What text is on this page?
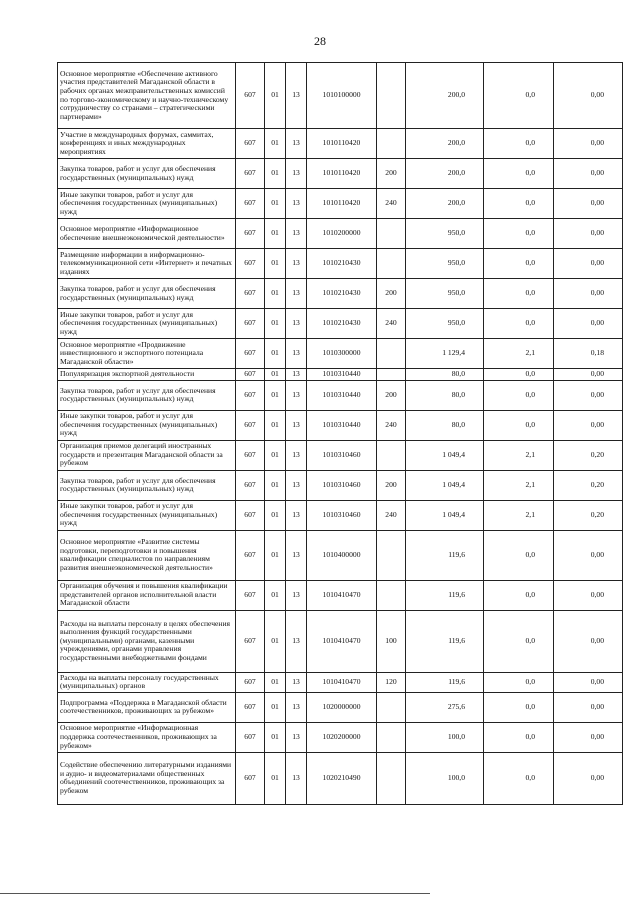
28
Основное мероприятие «Обеспечение активного участия представителей Магаданской области в рабочих органах межправительственных комиссий по торгово-экономическому и научно-техническому сотрудничеству со странами – стратегическими партнерами»	607	01	13	1010100000		200,0	0,0	0,00
Участие в международных форумах, саммитах, конференциях и иных международных мероприятиях	607	01	13	1010110420		200,0	0,0	0,00
Закупка товаров, работ и услуг для обеспечения государственных (муниципальных) нужд	607	01	13	1010110420	200	200,0	0,0	0,00
Иные закупки товаров, работ и услуг для обеспечения государственных (муниципальных) нужд	607	01	13	1010110420	240	200,0	0,0	0,00
Основное мероприятие «Информационное обеспечение внешнеэкономической деятельности»	607	01	13	1010200000		950,0	0,0	0,00
Размещение информации в информационно-телекоммуникационной сети «Интернет» и печатных изданиях	607	01	13	1010210430		950,0	0,0	0,00
Закупка товаров, работ и услуг для обеспечения государственных (муниципальных) нужд	607	01	13	1010210430	200	950,0	0,0	0,00
Иные закупки товаров, работ и услуг для обеспечения государственных (муниципальных) нужд	607	01	13	1010210430	240	950,0	0,0	0,00
Основное мероприятие «Продвижение инвестиционного и экспортного потенциала Магаданской области»	607	01	13	1010300000		1 129,4	2,1	0,18
Популяризация экспортной деятельности	607	01	13	1010310440		80,0	0,0	0,00
Закупка товаров, работ и услуг для обеспечения государственных (муниципальных) нужд	607	01	13	1010310440	200	80,0	0,0	0,00
Иные закупки товаров, работ и услуг для обеспечения государственных (муниципальных) нужд	607	01	13	1010310440	240	80,0	0,0	0,00
Организация приемов делегаций иностранных государств и презентация Магаданской области за рубежом	607	01	13	1010310460		1 049,4	2,1	0,20
Закупка товаров, работ и услуг для обеспечения государственных (муниципальных) нужд	607	01	13	1010310460	200	1 049,4	2,1	0,20
Иные закупки товаров, работ и услуг для обеспечения государственных (муниципальных) нужд	607	01	13	1010310460	240	1 049,4	2,1	0,20
Основное мероприятие «Развитие системы подготовки, переподготовки и повышения квалификации специалистов по направлениям развития внешнеэкономической деятельности»	607	01	13	1010400000		119,6	0,0	0,00
Организация обучения и повышения квалификации представителей органов исполнительной власти Магаданской области	607	01	13	1010410470		119,6	0,0	0,00
Расходы на выплаты персоналу в целях обеспечения выполнения функций государственными (муниципальными) органами, казенными учреждениями, органами управления государственными внебюджетными фондами	607	01	13	1010410470	100	119,6	0,0	0,00
Расходы на выплаты персоналу государственных (муниципальных) органов	607	01	13	1010410470	120	119,6	0,0	0,00
Подпрограмма «Поддержка в Магаданской области соотечественников, проживающих за рубежом»	607	01	13	1020000000		275,6	0,0	0,00
Основное мероприятие «Информационная поддержка соотечественников, проживающих за рубежом»	607	01	13	1020200000		100,0	0,0	0,00
Содействие обеспечению литературными изданиями и аудио- и видеоматериалами общественных объединений соотечественников, проживающих за рубежом	607	01	13	1020210490		100,0	0,0	0,00
